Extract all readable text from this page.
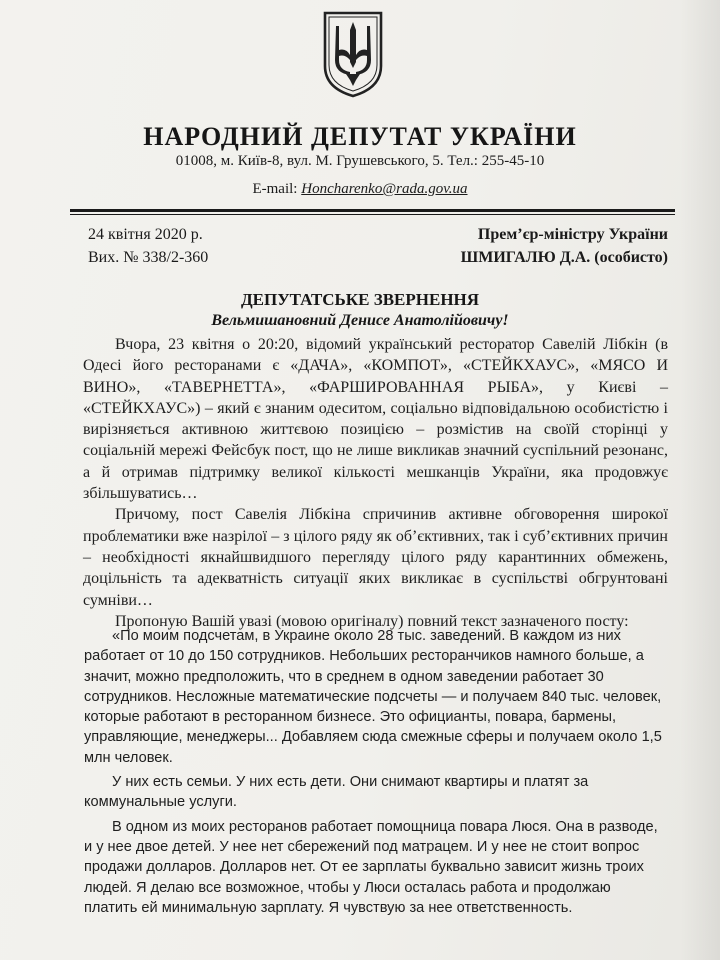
НАРОДНИЙ ДЕПУТАТ УКРАЇНИ
01008, м. Київ-8, вул. М. Грушевського, 5. Тел.: 255-45-10
E-mail: Honcharenko@rada.gov.ua
24 квітня 2020 р.
Вих. № 338/2-360
Прем’єр-міністру України
ШМИГАЛЮ Д.А. (особисто)
ДЕПУТАТСЬКЕ ЗВЕРНЕННЯ
Вельмишановний Денисе Анатолійовичу!

Вчора, 23 квітня о 20:20, відомий український ресторатор Савелій Лібкін (в Одесі його ресторанами є «ДАЧА», «КОМПОТ», «СТЕЙКХАУС», «МЯСО И ВИНО», «ТАВЕРНЕТТА», «ФАРШИРОВАННАЯ РЫБА», у Києві – «СТЕЙКХАУС») – який є знаним одеситом, соціально відповідальною особистістю і вирізняється активною життєвою позицією – розмістив на своїй сторінці у соціальній мережі Фейсбук пост, що не лише викликав значний суспільний резонанс, а й отримав підтримку великої кількості мешканців України, яка продовжує збільшуватись…

Причому, пост Савелія Лібкіна спричинив активне обговорення широкої проблематики вже назрілої – з цілого ряду як об’єктивних, так і суб’єктивних причин – необхідності якнайшвидшого перегляду цілого ряду карантинних обмежень, доцільність та адекватність ситуації яких викликає в суспільстві обгрунтовані сумніви…

Пропоную Вашій увазі (мовою оригіналу) повний текст зазначеного посту:

«По моим подсчетам, в Украине около 28 тыс. заведений. В каждом из них работает от 10 до 150 сотрудников. Небольших ресторанчиков намного больше, а значит, можно предположить, что в среднем в одном заведении работает 30 сотрудников. Несложные математические подсчеты — и получаем 840 тыс. человек, которые работают в ресторанном бизнесе. Это официанты, повара, бармены, управляющие, менеджеры... Добавляем сюда смежные сферы и получаем около 1,5 млн человек.

У них есть семьи. У них есть дети. Они снимают квартиры и платят за коммунальные услуги.

В одном из моих ресторанов работает помощница повара Люся. Она в разводе, и у нее двое детей. У нее нет сбережений под матрацем. И у нее не стоит вопрос продажи долларов. Долларов нет. От ее зарплаты буквально зависит жизнь троих людей. Я делаю все возможное, чтобы у Люси осталась работа и продолжаю платить ей минимальную зарплату. Я чувствую за нее ответственность.
